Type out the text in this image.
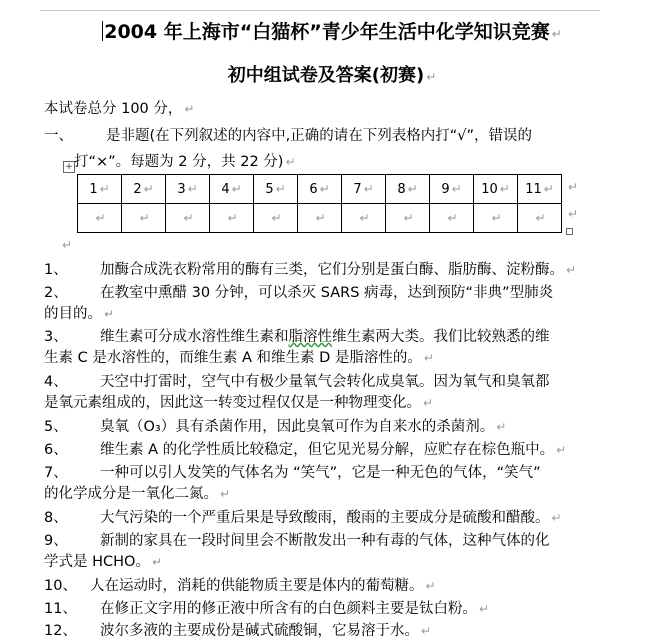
2004 年上海市“白猫杯”青少年生活中化学知识竞赛 ↵
初中组试卷及答案(初赛) ↵
本试卷总分 100 分， ↵
一、 是非题(在下列叙述的内容中,正确的请在下列表格内打“√”，错误的
打“×”。每题为 2 分，共 22 分) ↵
+
1 ↵	2 ↵	3 ↵	4 ↵	5 ↵	6 ↵	7 ↵	8 ↵	9 ↵	10 ↵	11 ↵
↵	↵	↵	↵	↵	↵	↵	↵	↵	↵	↵
↵
↵
↵
1、 加酶合成洗衣粉常用的酶有三类，它们分别是蛋白酶、脂肪酶、淀粉酶。 ↵
2、 在教室中熏醋 30 分钟，可以杀灭 SARS 病毒，达到预防“非典”型肺炎
的目的。 ↵
3、 维生素可分成水溶性维生素和脂溶性维生素两大类。我们比较熟悉的维
生素 C 是水溶性的，而维生素 A 和维生素 D 是脂溶性的。 ↵
4、 天空中打雷时，空气中有极少量氧气会转化成臭氧。因为氧气和臭氧都
是氧元素组成的，因此这一转变过程仅仅是一种物理变化。 ↵
5、 臭氧（O₃）具有杀菌作用，因此臭氧可作为自来水的杀菌剂。 ↵
6、 维生素 A 的化学性质比较稳定，但它见光易分解，应贮存在棕色瓶中。 ↵
7、 一种可以引人发笑的气体名为 “笑气”，它是一种无色的气体，“笑气”
的化学成分是一氧化二氮。 ↵
8、 大气污染的一个严重后果是导致酸雨，酸雨的主要成分是硫酸和醋酸。 ↵
9、 新制的家具在一段时间里会不断散发出一种有毒的气体，这种气体的化
学式是 HCHO。 ↵
10、 人在运动时，消耗的供能物质主要是体内的葡萄糖。 ↵
11、 在修正文字用的修正液中所含有的白色颜料主要是钛白粉。 ↵
12、 波尔多液的主要成份是碱式硫酸铜，它易溶于水。 ↵
